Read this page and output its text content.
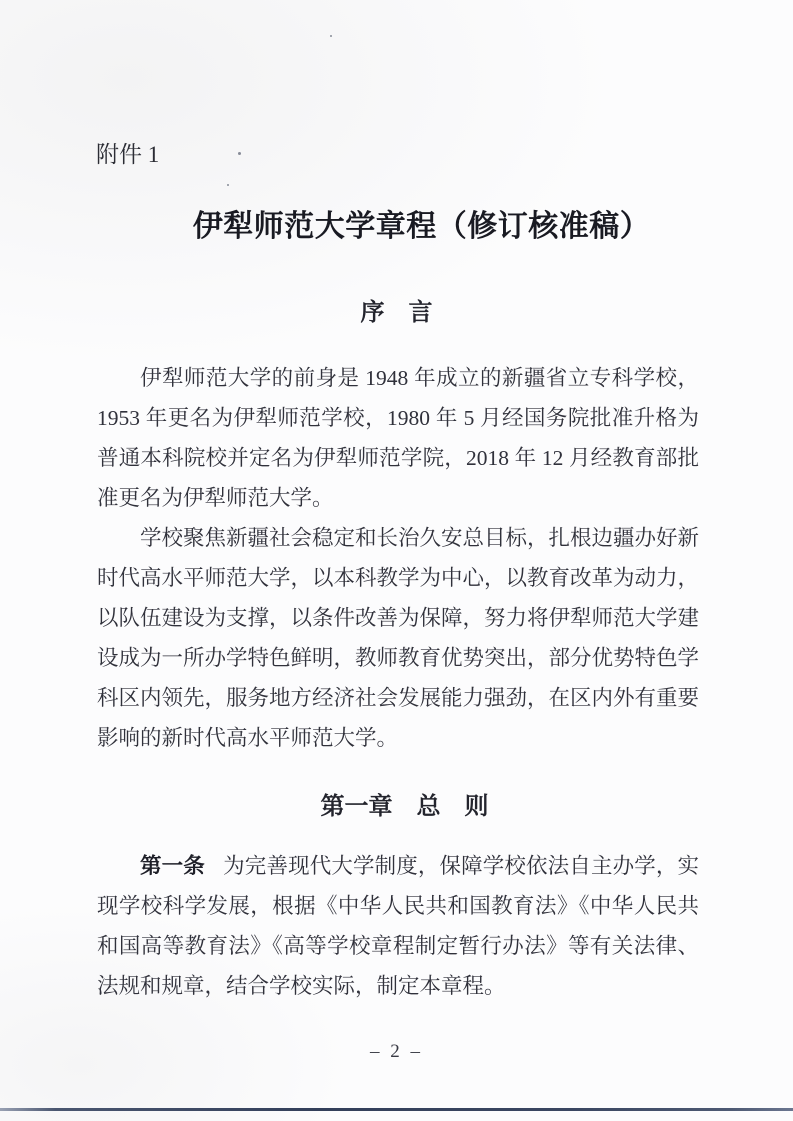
附件 1
伊犁师范大学章程（修订核准稿）
序　言

伊犁师范大学的前身是 1948 年成立的新疆省立专科学校，1953 年更名为伊犁师范学校，1980 年 5 月经国务院批准升格为普通本科院校并定名为伊犁师范学院，2018 年 12 月经教育部批准更名为伊犁师范大学。

学校聚焦新疆社会稳定和长治久安总目标，扎根边疆办好新时代高水平师范大学，以本科教学为中心，以教育改革为动力，以队伍建设为支撑，以条件改善为保障，努力将伊犁师范大学建设成为一所办学特色鲜明，教师教育优势突出，部分优势特色学科区内领先，服务地方经济社会发展能力强劲，在区内外有重要影响的新时代高水平师范大学。

第一章　总　则

第一条 为完善现代大学制度，保障学校依法自主办学，实现学校科学发展，根据《中华人民共和国教育法》《中华人民共和国高等教育法》《高等学校章程制定暂行办法》等有关法律、法规和规章，结合学校实际，制定本章程。

– 2 –
